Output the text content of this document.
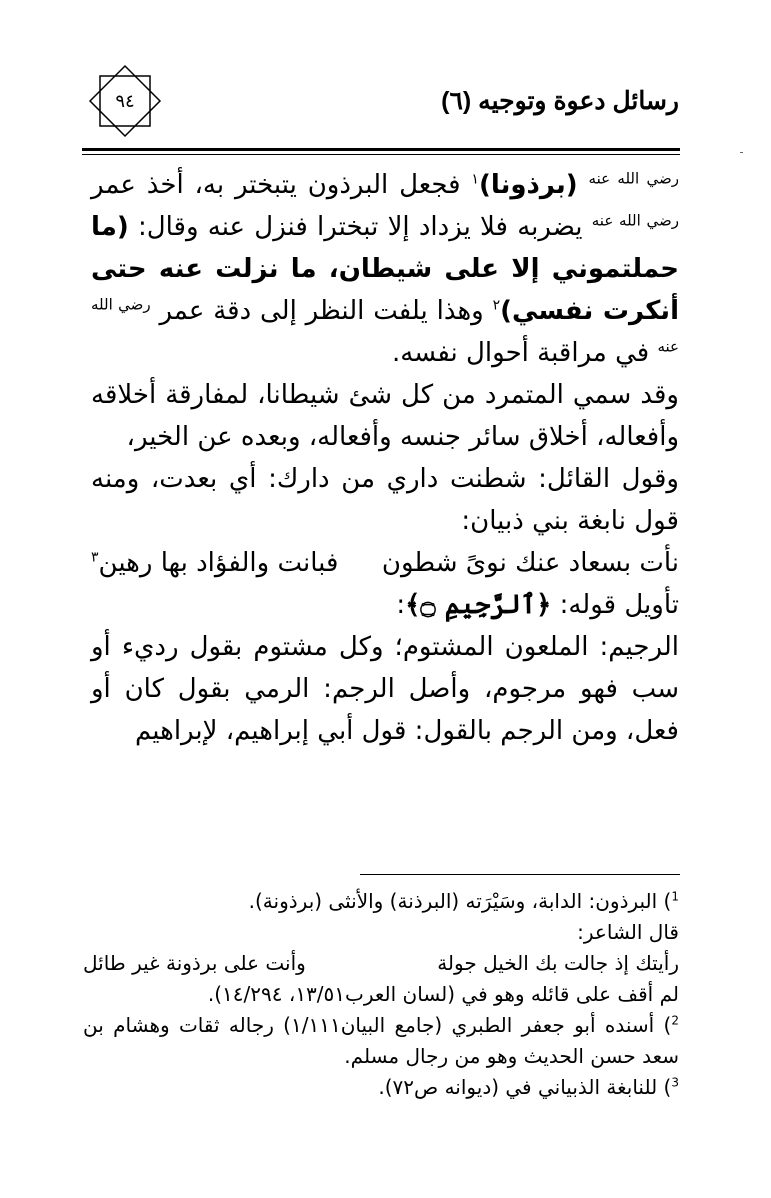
رسائل دعوة وتوجيه (٦)
٩٤

$^{رضي الله عنه}$ (برذونا)$^١$ فجعل البرذون يتبختر به، أخذ عمر $^{رضي الله عنه}$ يضربه فلا يزداد إلا تبخترا فنزل عنه وقال: (ما حملتموني إلا على شيطان، ما نزلت عنه حتى أنكرت نفسي)$^٢$ وهذا يلفت النظر إلى دقة عمر $^{رضي الله عنه}$ في مراقبة أحوال نفسه.

وقد سمي المتمرد من كل شئ شيطانا، لمفارقة أخلاقه وأفعاله، أخلاق سائر جنسه وأفعاله، وبعده عن الخير،

وقول القائل: شطنت داري من دارك: أي بعدت، ومنه قول نابغة بني ذبيان:

نأت بسعاد عنك نوىً شطون
فبانت والفؤاد بها رهين$^٣$

تأويل قوله: ﴿ٱلرَّجِيمِ ۝﴾:

الرجيم: الملعون المشتوم؛ وكل مشتوم بقول رديء أو سب فهو مرجوم، وأصل الرجم: الرمي بقول كان أو فعل، ومن الرجم بالقول: قول أبي إبراهيم، لإبراهيم

$^1$) البرذون: الدابة، وسَيْرَته (البرذنة) والأنثى (برذونة).

قال الشاعر:

رأيتك إذ جالت بك الخيل جولة
وأنت على برذونة غير طائل

لم أقف على قائله وهو في (لسان العرب١٣/٥١، ١٤/٢٩٤).

$^2$) أسنده أبو جعفر الطبري (جامع البيان١/١١١) رجاله ثقات وهشام بن سعد حسن الحديث وهو من رجال مسلم.

$^3$) للنابغة الذبياني في (ديوانه ص٧٢).
